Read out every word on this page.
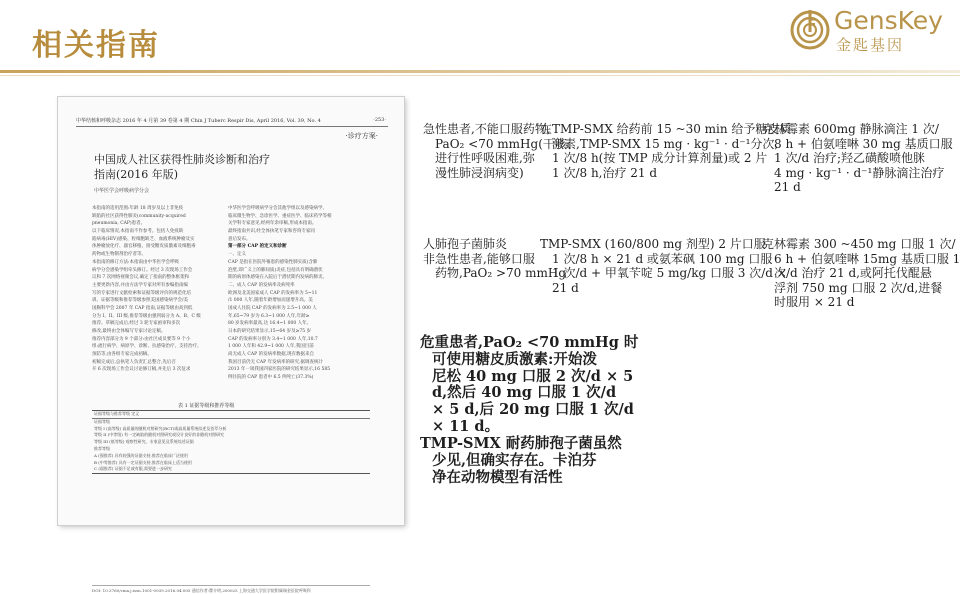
相关指南
GensKey
金匙基因
中华结核和呼吸杂志 2016 年 4 月第 39 卷第 4 期 Chin J Tuberc Respir Dis, April 2016, Vol. 39, No. 4	·253·
·诊疗方案·
中国成人社区获得性肺炎诊断和治疗
指南(2016 年版)
中华医学会呼吸病学分会
本指南的适用范围:年龄 18 周岁及以上非免疫
缺陷的社区获得性肺炎(community-acquired
pneumonia, CAP)患者。
以下临床情况,本指南不作参考。包括人免疫缺
陷病毒(HIV)感染、粒细胞缺乏、血液系统肿瘤及实
体肿瘤放化疗、器官移植、接受糖皮质激素及细胞毒
药物或生物制剂治疗者等。
本指南的修订方法:本指南由中华医学会呼吸
病学分会感染学组牵头修订。经过 3 次现场工作会
议和 7 次网络视频会议,确定了指南的整体框架和
主要更新内容,并由方法学专家对所有参编指南编
写的专家进行文献检索和证据等级评价的规范化培
训。证据等级和推荐等级参照美国感染病学会/美
国胸科学会 2007 年 CAP 指南,证据等级由高到低
分为 I、II、III 级,推荐等级由强到弱分为 A、B、C 级
推荐。草稿完成后,经过 3 轮专家函审和多次
修改,最终由全体编写专家讨论定稿。
推荐内容部分为 9 个部分:由社区成员要等 9 个小
组:流行病学、病原学、诊断、抗感染治疗、支持治疗、
预防等,由各组专家完成初稿。
初稿完成后,总执笔人负责汇总整合,先后召
开 6 次现场工作会议讨论修订稿,并先后 3 次征求
中华医学会呼吸病学分会其他学组以及感染病学、
临床微生物学、急诊医学、重症医学、临床药学等相
关学科专家意见,经两年余审稿,形成本指南。
最终指南共识,经全体执笔专家和咨询专家同
意后发布。
第一部分 CAP 的定义和诊断
一、定义
CAP 是指在医院外罹患的感染性肺实质(含肺
泡壁,即广义上的肺间质)炎症,包括具有明确潜伏
期的病原体感染在入院后于潜伏期内发病的肺炎。
二、成人 CAP 的发病率及病死率
欧洲及北美国家成人 CAP 的发病率为 5~11
/1 000 人年,随着年龄增加而递增升高。美
国成人住院 CAP 的发病率为 2.5~1 000 人
年,65~79 岁为 6.3~1 000 人年,年龄≥
80 岁发病率最高,达 16.4~1 000 人年。
日本的研究结果显示,15~64 岁及≥75 岁
CAP 的发病率分别为 3.4~1 000 人年,10.7
1 000 人年和 42.9~1 000 人年,我国目前
尚无成人 CAP 的发病率数据,现有数据来自
我国目前仍无 CAP 年发病率的研究,据调查统计
2013 年一项我国四家医院的研究结果显示,16 585
例住院的 CAP 患者中 6.5 例死亡(37.3%)
表 1 证据等级和推荐等级
证据等级与推荐等级 定义
证据等级
等级 I (高等级) 高质量的随机对照研究(RCT)或高质量系统综述及荟萃分析
等级 II (中等级) 有一定缺陷的随机对照研究或设计良好的非随机对照研究
等级 III (低等级) 观察性研究、专家意见及系统综述证据
推荐等级
A (强推荐) 具有较强的证据支持,推荐在临床广泛使用
B (中等推荐) 具有一定证据支持,推荐在临床上适当使用
C (弱推荐) 证据不足或有限,需要进一步研究
DOI: 10.3760/cma.j.issn.1001-0939.2016.04.005 通信作者:瞿介明,200025 上海交通大学医学院附属瑞金医院呼吸科
急性患者,不能口服药物,
PaO₂ <70 mmHg(干咳、
进行性呼吸困难,弥
漫性肺浸润病变)
在TMP-SMX 给药前 15 ~30 min 给予糖皮质
激素,TMP-SMX 15 mg · kg⁻¹ · d⁻¹分次,
1 次/8 h(按 TMP 成分计算剂量)或 2 片
1 次/8 h,治疗 21 d
克林霉素 600mg 静脉滴注 1 次/
8 h + 伯氨喹啉 30 mg 基质口服
1 次/d 治疗;羟乙磺酸喷他脒
4 mg · kg⁻¹ · d⁻¹静脉滴注治疗
21 d
人肺孢子菌肺炎
非急性患者,能够口服
药物,PaO₂ >70 mmHg
TMP-SMX (160/800 mg 剂型) 2 片口服
1 次/8 h × 21 d 或氨苯砜 100 mg 口服
1 次/d + 甲氧苄啶 5 mg/kg 口服 3 次/d ×
21 d
克林霉素 300 ~450 mg 口服 1 次/
6 h + 伯氨喹啉 15mg 基质口服 1
次/d 治疗 21 d,或阿托伐醌悬
浮剂 750 mg 口服 2 次/d,进餐
时服用 × 21 d
危重患者,PaO₂ <70 mmHg 时
可使用糖皮质激素:开始泼
尼松 40 mg 口服 2 次/d × 5
d,然后 40 mg 口服 1 次/d
× 5 d,后 20 mg 口服 1 次/d
× 11 d。
TMP-SMX 耐药肺孢子菌虽然
少见,但确实存在。卡泊芬
净在动物模型有活性
